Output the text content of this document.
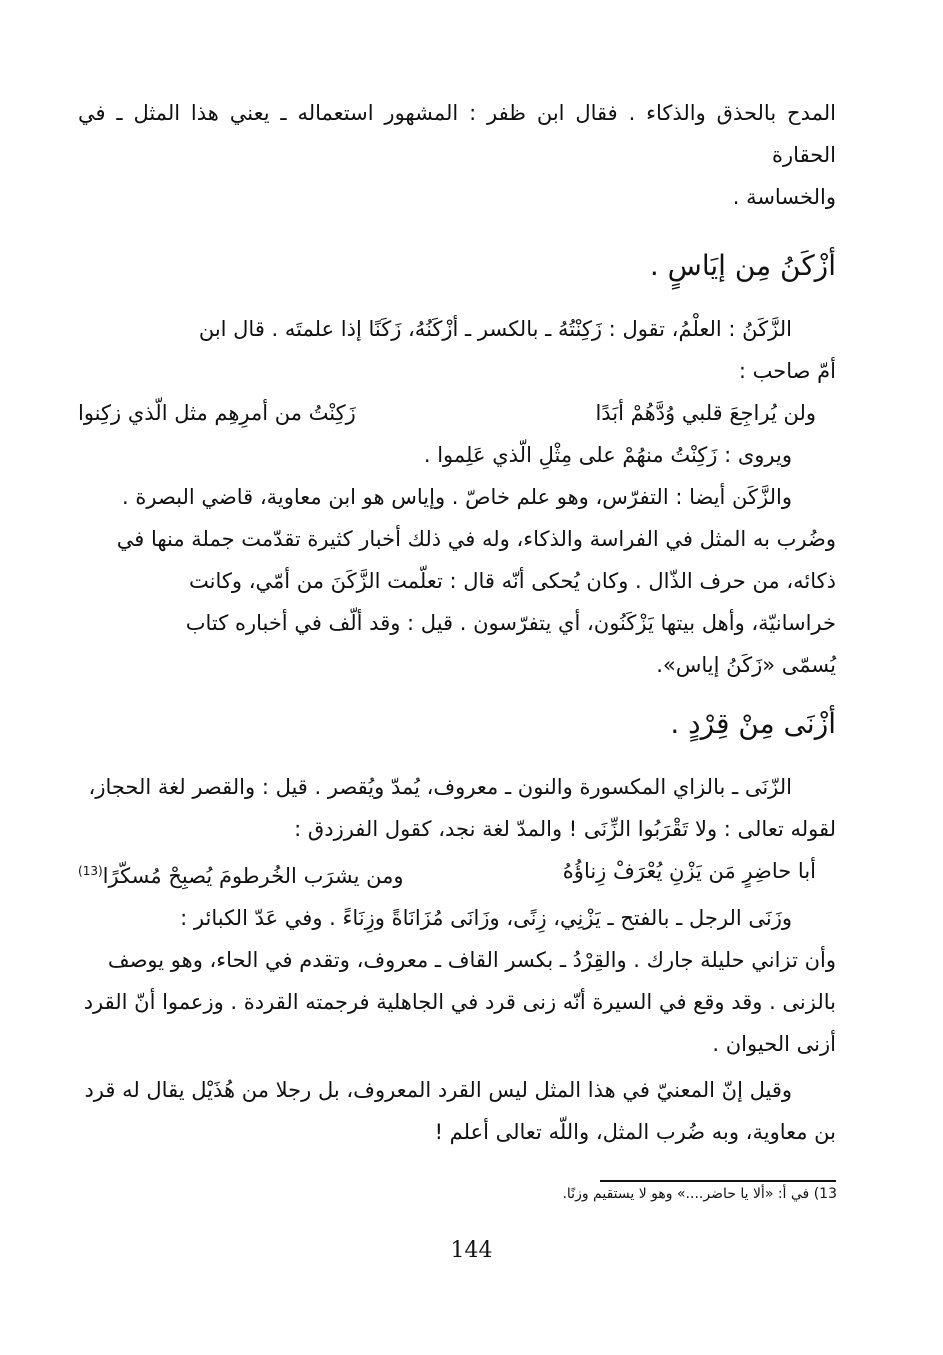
المدح بالحذق والذكاء . فقال ابن ظفر : المشهور استعماله ـ يعني هذا المثل ـ في الحقارة

والخساسة .

أزْكَنُ مِن إيَاسٍ .

الزَّكَنُ : العلْمُ، تقول : زَكِنْتُهُ ـ بالكسر ـ أزْكَنُهُ، زَكَنًا إذا علمتَه . قال ابن

أمّ صاحب :

ولن يُراجِعَ قلبي وُدَّهُمْ أبَدًا
زَكِنْتُ من أمرِهِم مثل الّذي زكِنوا

ويروى : زَكِنْتُ منهُمْ على مِثْلِ الّذي عَلِموا .

والزَّكَن أيضا : التفرّس، وهو علم خاصّ . وإياس هو ابن معاوية، قاضي البصرة .

وضُرب به المثل في الفراسة والذكاء، وله في ذلك أخبار كثيرة تقدّمت جملة منها في

ذكائه، من حرف الذّال . وكان يُحكى أنّه قال : تعلّمت الزَّكَنَ من أمّي، وكانت

خراسانيّة، وأهل بيتها يَزْكَنُون، أي يتفرّسون . قيل : وقد ألّف في أخباره كتاب

يُسمّى «زَكَنُ إياس».

أزْنَى مِنْ قِرْدٍ .

الزّنَى ـ بالزاي المكسورة والنون ـ معروف، يُمدّ ويُقصر . قيل : والقصر لغة الحجاز،

لقوله تعالى : ولا تَقْرَبُوا الزِّنَى ! والمدّ لغة نجد، كقول الفرزدق :

أبا حاضِرٍ مَن يَزْنِ يُعْرَفْ زِناؤُهُ
ومن يشرَب الخُرطومَ يُصبِحْ مُسكّرًا$^{(13)}$

وزَنَى الرجل ـ بالفتح ـ يَزْنِي، زِنًى، وزَانَى مُزَانَاةً وزِنَاءً . وفي عَدّ الكبائر :

وأن تزاني حليلة جارك . والقِرْدُ ـ بكسر القاف ـ معروف، وتقدم في الحاء، وهو يوصف

بالزنى . وقد وقع في السيرة أنّه زنى قرد في الجاهلية فرجمته القردة . وزعموا أنّ القرد

أزنى الحيوان .

وقيل إنّ المعنيّ في هذا المثل ليس القرد المعروف، بل رجلا من هُذَيْل يقال له قرد

بن معاوية، وبه ضُرب المثل، واللّه تعالى أعلم !

13) في أ: «ألا يا حاضر....» وهو لا يستقيم وزنًا.
144
